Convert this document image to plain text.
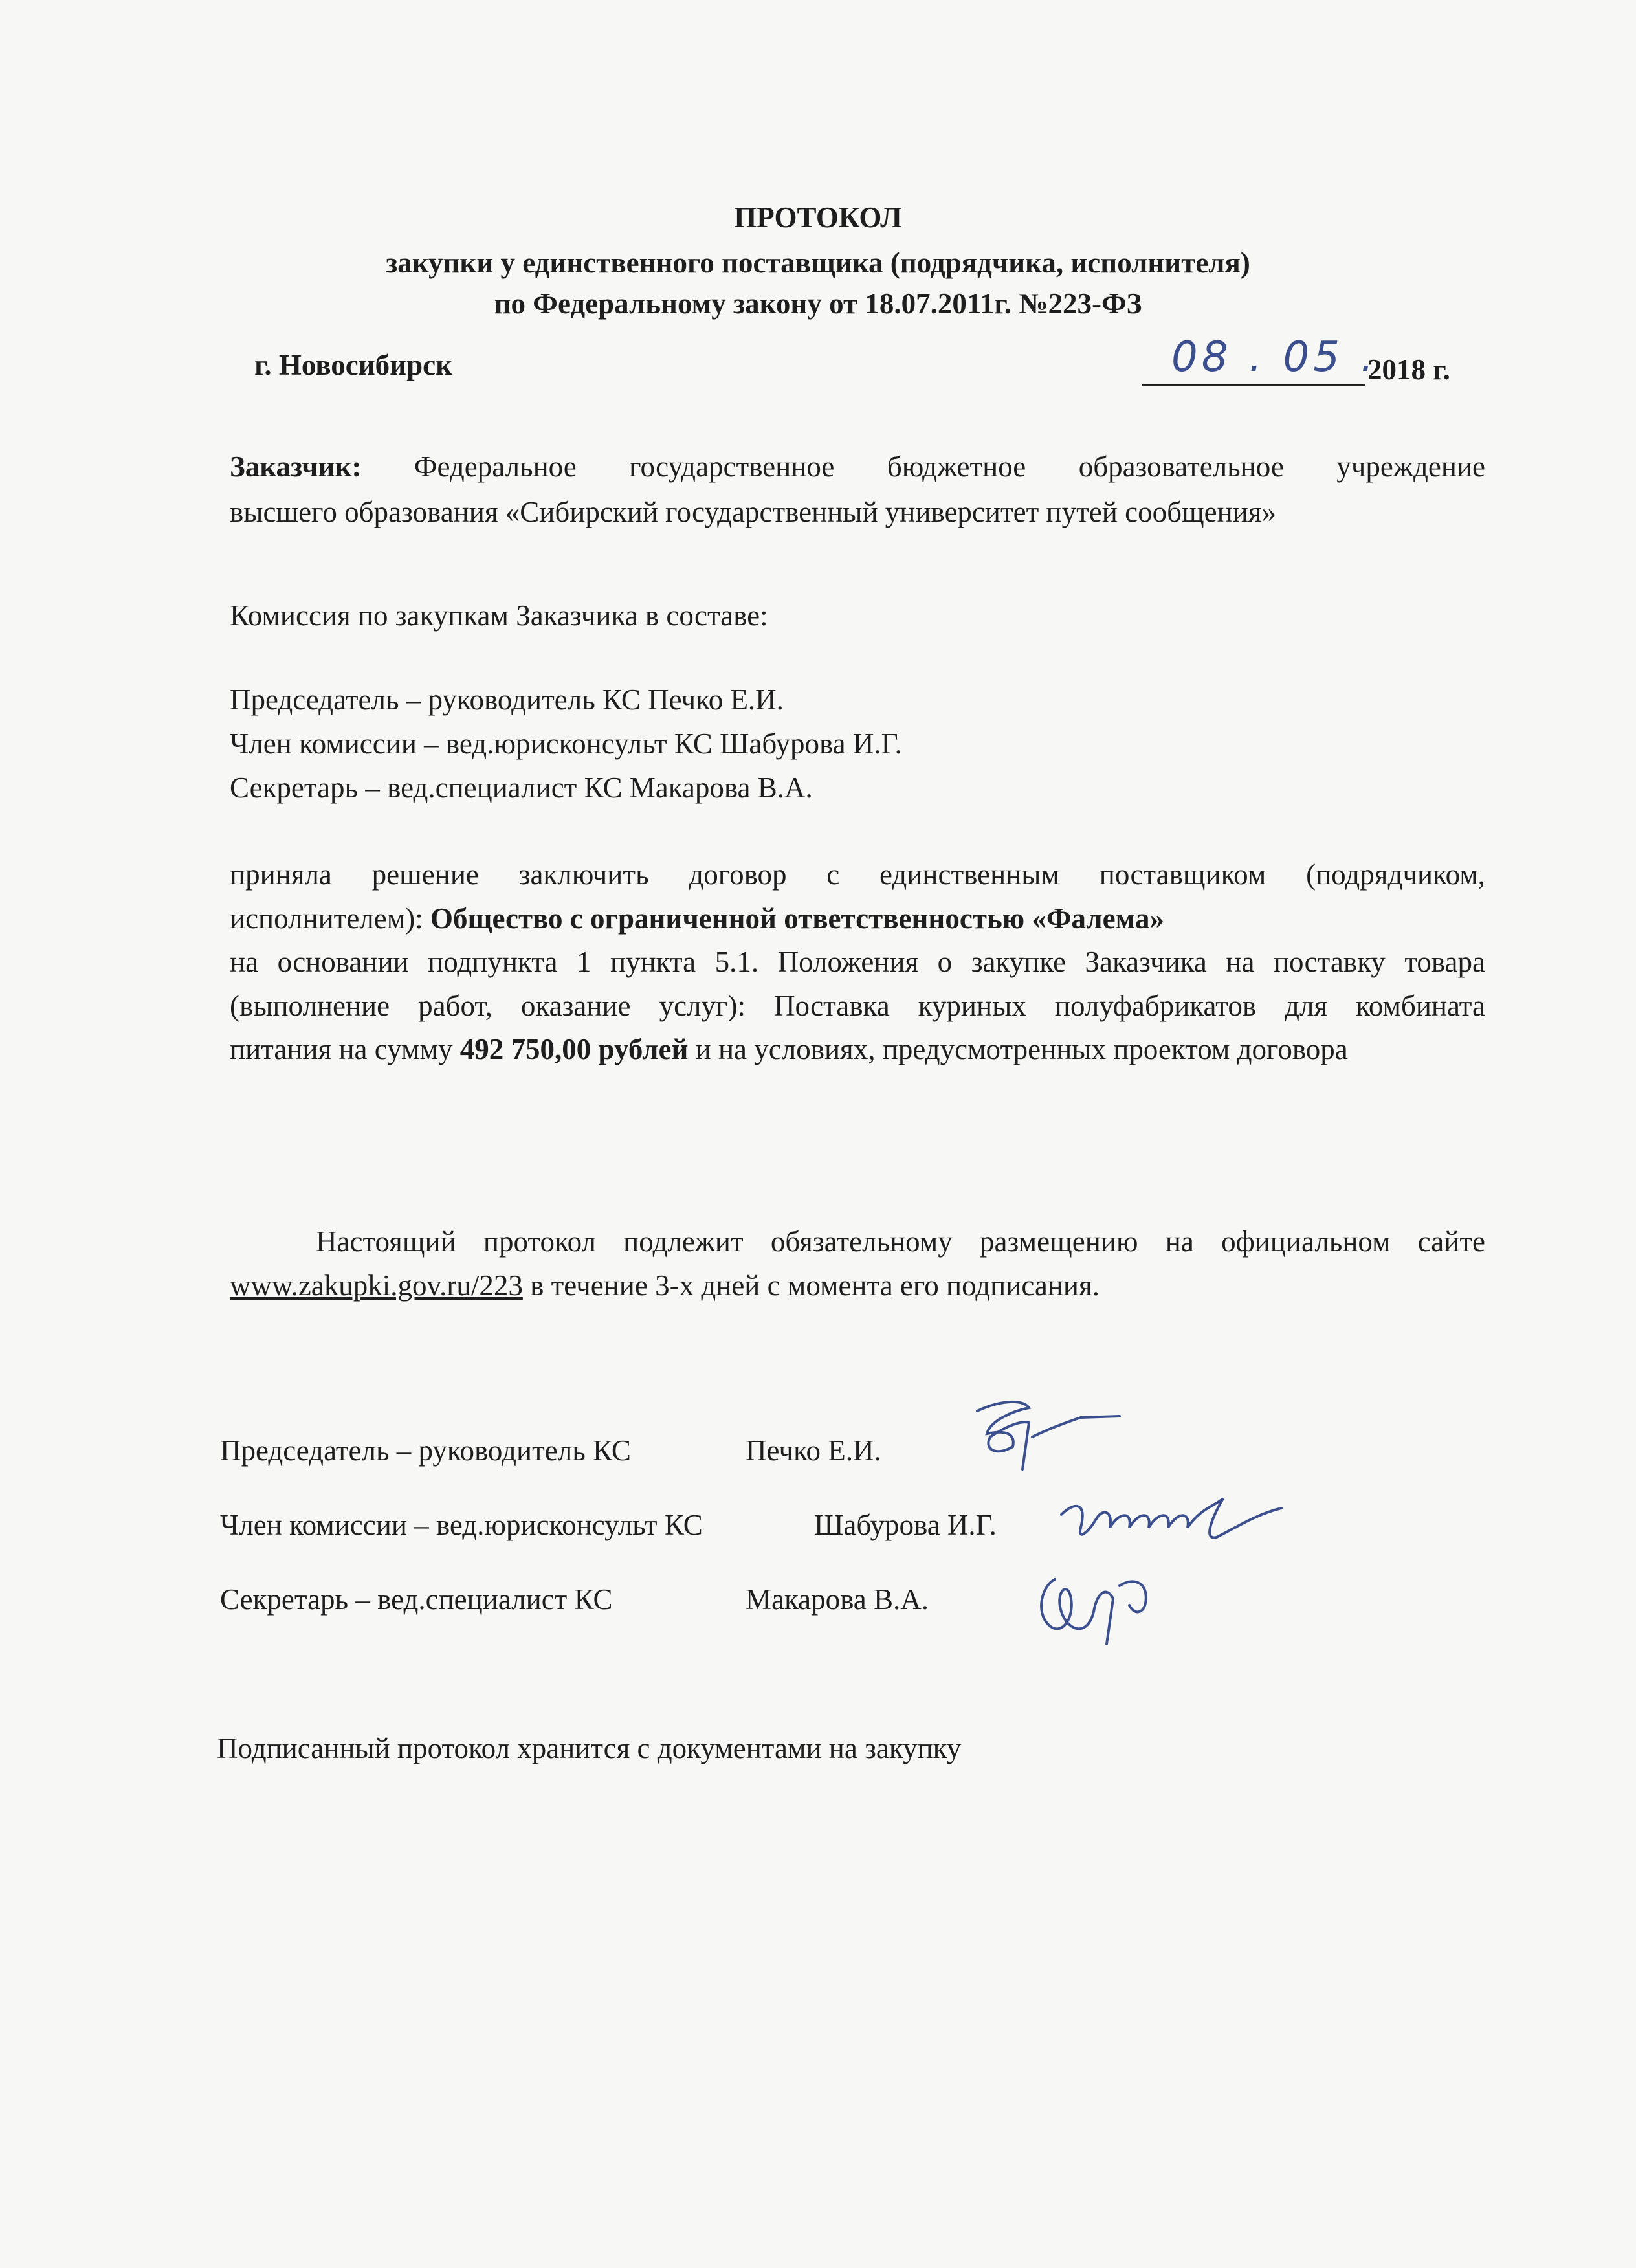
ПРОТОКОЛ
закупки у единственного поставщика (подрядчика, исполнителя)
по Федеральному закону от 18.07.2011г. №223-ФЗ
г. Новосибирск	08 . 05 .
2018 г.
Заказчик: Федеральное государственное бюджетное образовательное учреждение
высшего образования «Сибирский государственный университет путей сообщения»
Комиссия по закупкам Заказчика в составе:
Председатель – руководитель КС Печко Е.И.
Член комиссии – вед.юрисконсульт КС Шабурова И.Г.
Секретарь – вед.специалист КС Макарова В.А.
приняла решение заключить договор с единственным поставщиком (подрядчиком,
исполнителем): Общество с ограниченной ответственностью «Фалема»
на основании подпункта 1 пункта 5.1. Положения о закупке Заказчика на поставку товара
(выполнение работ, оказание услуг): Поставка куриных полуфабрикатов для комбината
питания на сумму 492 750,00 рублей и на условиях, предусмотренных проектом договора
Настоящий протокол подлежит обязательному размещению на официальном сайте
www.zakupki.gov.ru/223 в течение 3-х дней с момента его подписания.
Председатель – руководитель КС	Печко Е.И.
Член комиссии – вед.юрисконсульт КС	Шабурова И.Г.
Секретарь – вед.специалист КС	Макарова В.А.
Подписанный протокол хранится с документами на закупку
